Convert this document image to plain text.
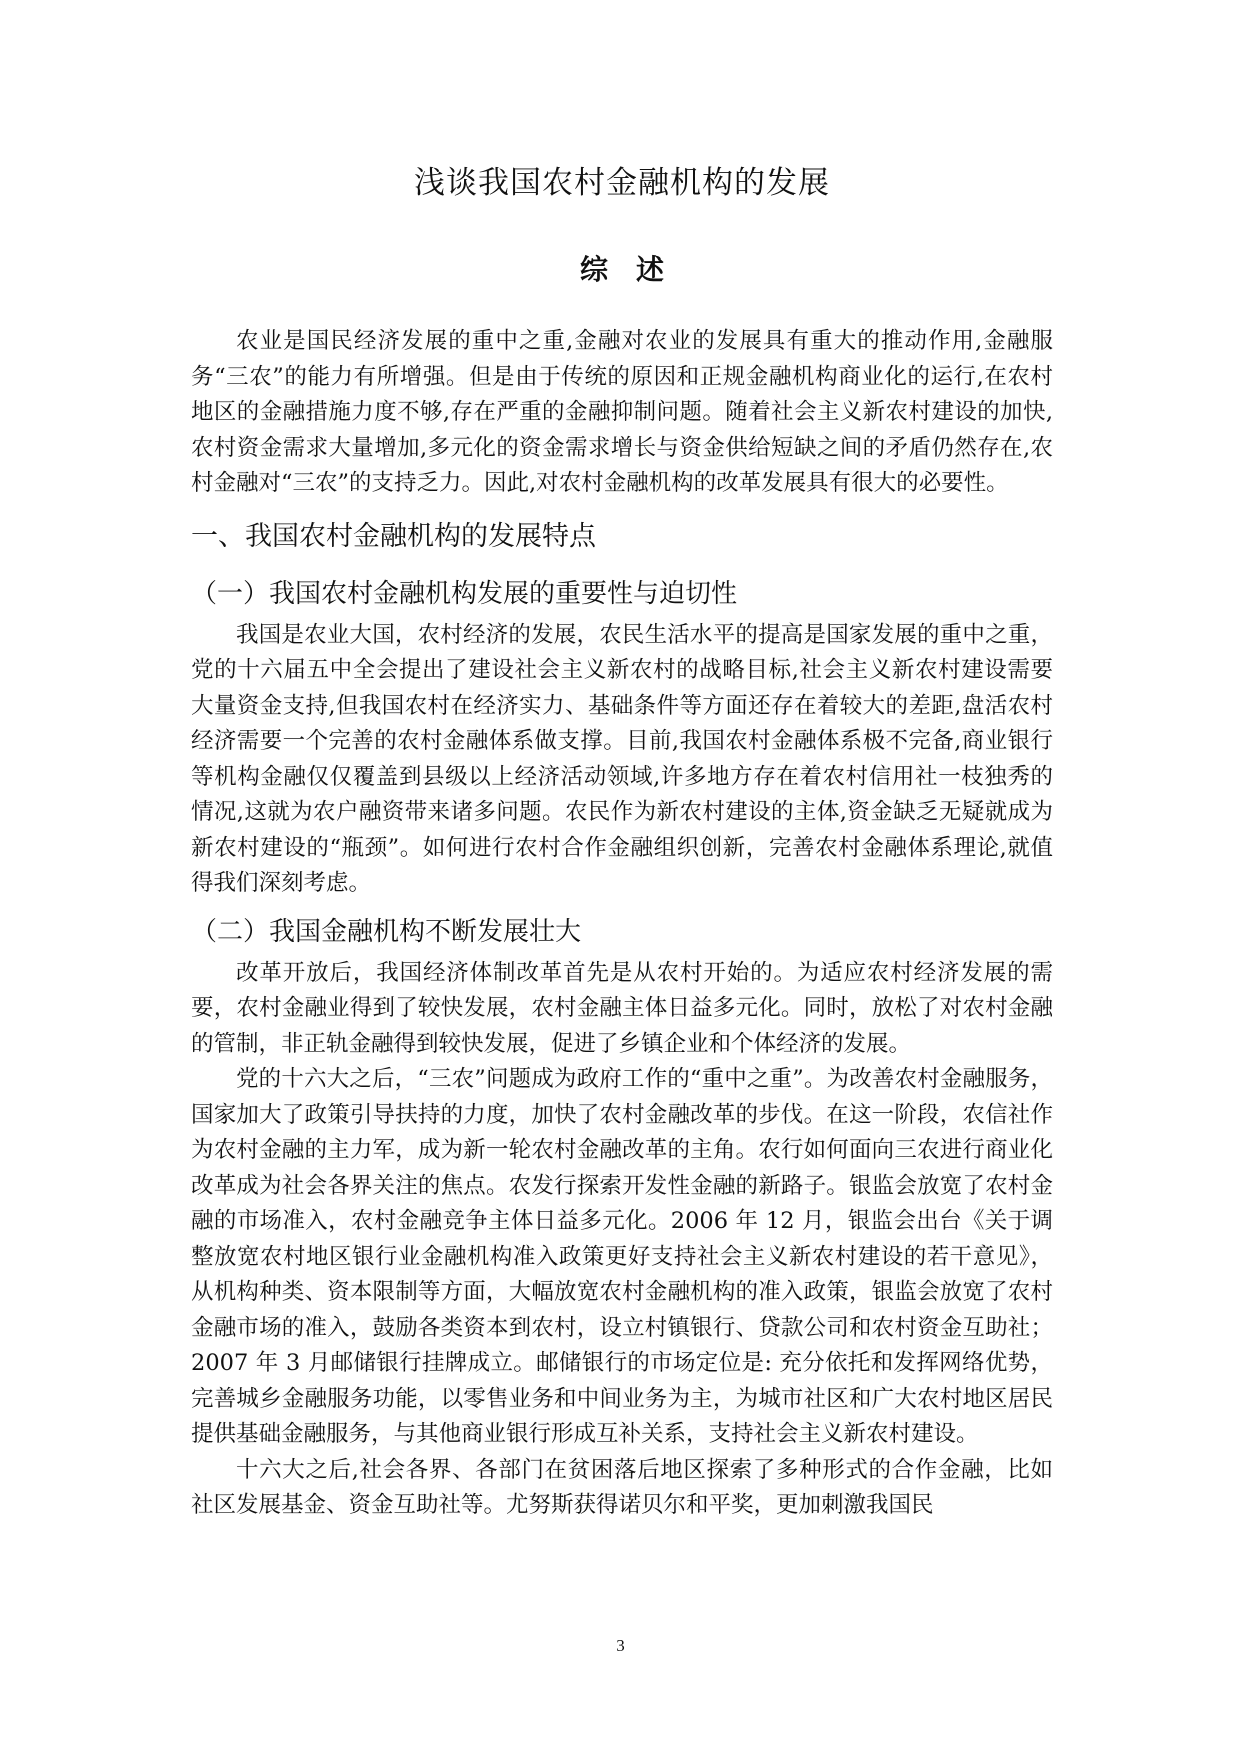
浅谈我国农村金融机构的发展
综　述

农业是国民经济发展的重中之重,金融对农业的发展具有重大的推动作用,金融服务“三农”的能力有所增强。但是由于传统的原因和正规金融机构商业化的运行,在农村地区的金融措施力度不够,存在严重的金融抑制问题。随着社会主义新农村建设的加快,农村资金需求大量增加,多元化的资金需求增长与资金供给短缺之间的矛盾仍然存在,农村金融对“三农”的支持乏力。因此,对农村金融机构的改革发展具有很大的必要性。

一、我国农村金融机构的发展特点
（一）我国农村金融机构发展的重要性与迫切性

我国是农业大国，农村经济的发展，农民生活水平的提高是国家发展的重中之重，党的十六届五中全会提出了建设社会主义新农村的战略目标,社会主义新农村建设需要大量资金支持,但我国农村在经济实力、基础条件等方面还存在着较大的差距,盘活农村经济需要一个完善的农村金融体系做支撑。目前,我国农村金融体系极不完备,商业银行等机构金融仅仅覆盖到县级以上经济活动领域,许多地方存在着农村信用社一枝独秀的情况,这就为农户融资带来诸多问题。农民作为新农村建设的主体,资金缺乏无疑就成为新农村建设的“瓶颈”。如何进行农村合作金融组织创新，完善农村金融体系理论,就值得我们深刻考虑。

（二）我国金融机构不断发展壮大

改革开放后，我国经济体制改革首先是从农村开始的。为适应农村经济发展的需要，农村金融业得到了较快发展，农村金融主体日益多元化。同时，放松了对农村金融的管制，非正轨金融得到较快发展，促进了乡镇企业和个体经济的发展。

党的十六大之后，“三农”问题成为政府工作的“重中之重”。为改善农村金融服务，国家加大了政策引导扶持的力度，加快了农村金融改革的步伐。在这一阶段，农信社作为农村金融的主力军，成为新一轮农村金融改革的主角。农行如何面向三农进行商业化改革成为社会各界关注的焦点。农发行探索开发性金融的新路子。银监会放宽了农村金融的市场准入，农村金融竞争主体日益多元化。2006 年 12 月，银监会出台《关于调整放宽农村地区银行业金融机构准入政策更好支持社会主义新农村建设的若干意见》，从机构种类、资本限制等方面，大幅放宽农村金融机构的准入政策，银监会放宽了农村金融市场的准入，鼓励各类资本到农村，设立村镇银行、贷款公司和农村资金互助社；2007 年 3 月邮储银行挂牌成立。邮储银行的市场定位是: 充分依托和发挥网络优势，完善城乡金融服务功能，以零售业务和中间业务为主，为城市社区和广大农村地区居民提供基础金融服务，与其他商业银行形成互补关系，支持社会主义新农村建设。

十六大之后,社会各界、各部门在贫困落后地区探索了多种形式的合作金融，比如社区发展基金、资金互助社等。尤努斯获得诺贝尔和平奖，更加刺激我国民

3
